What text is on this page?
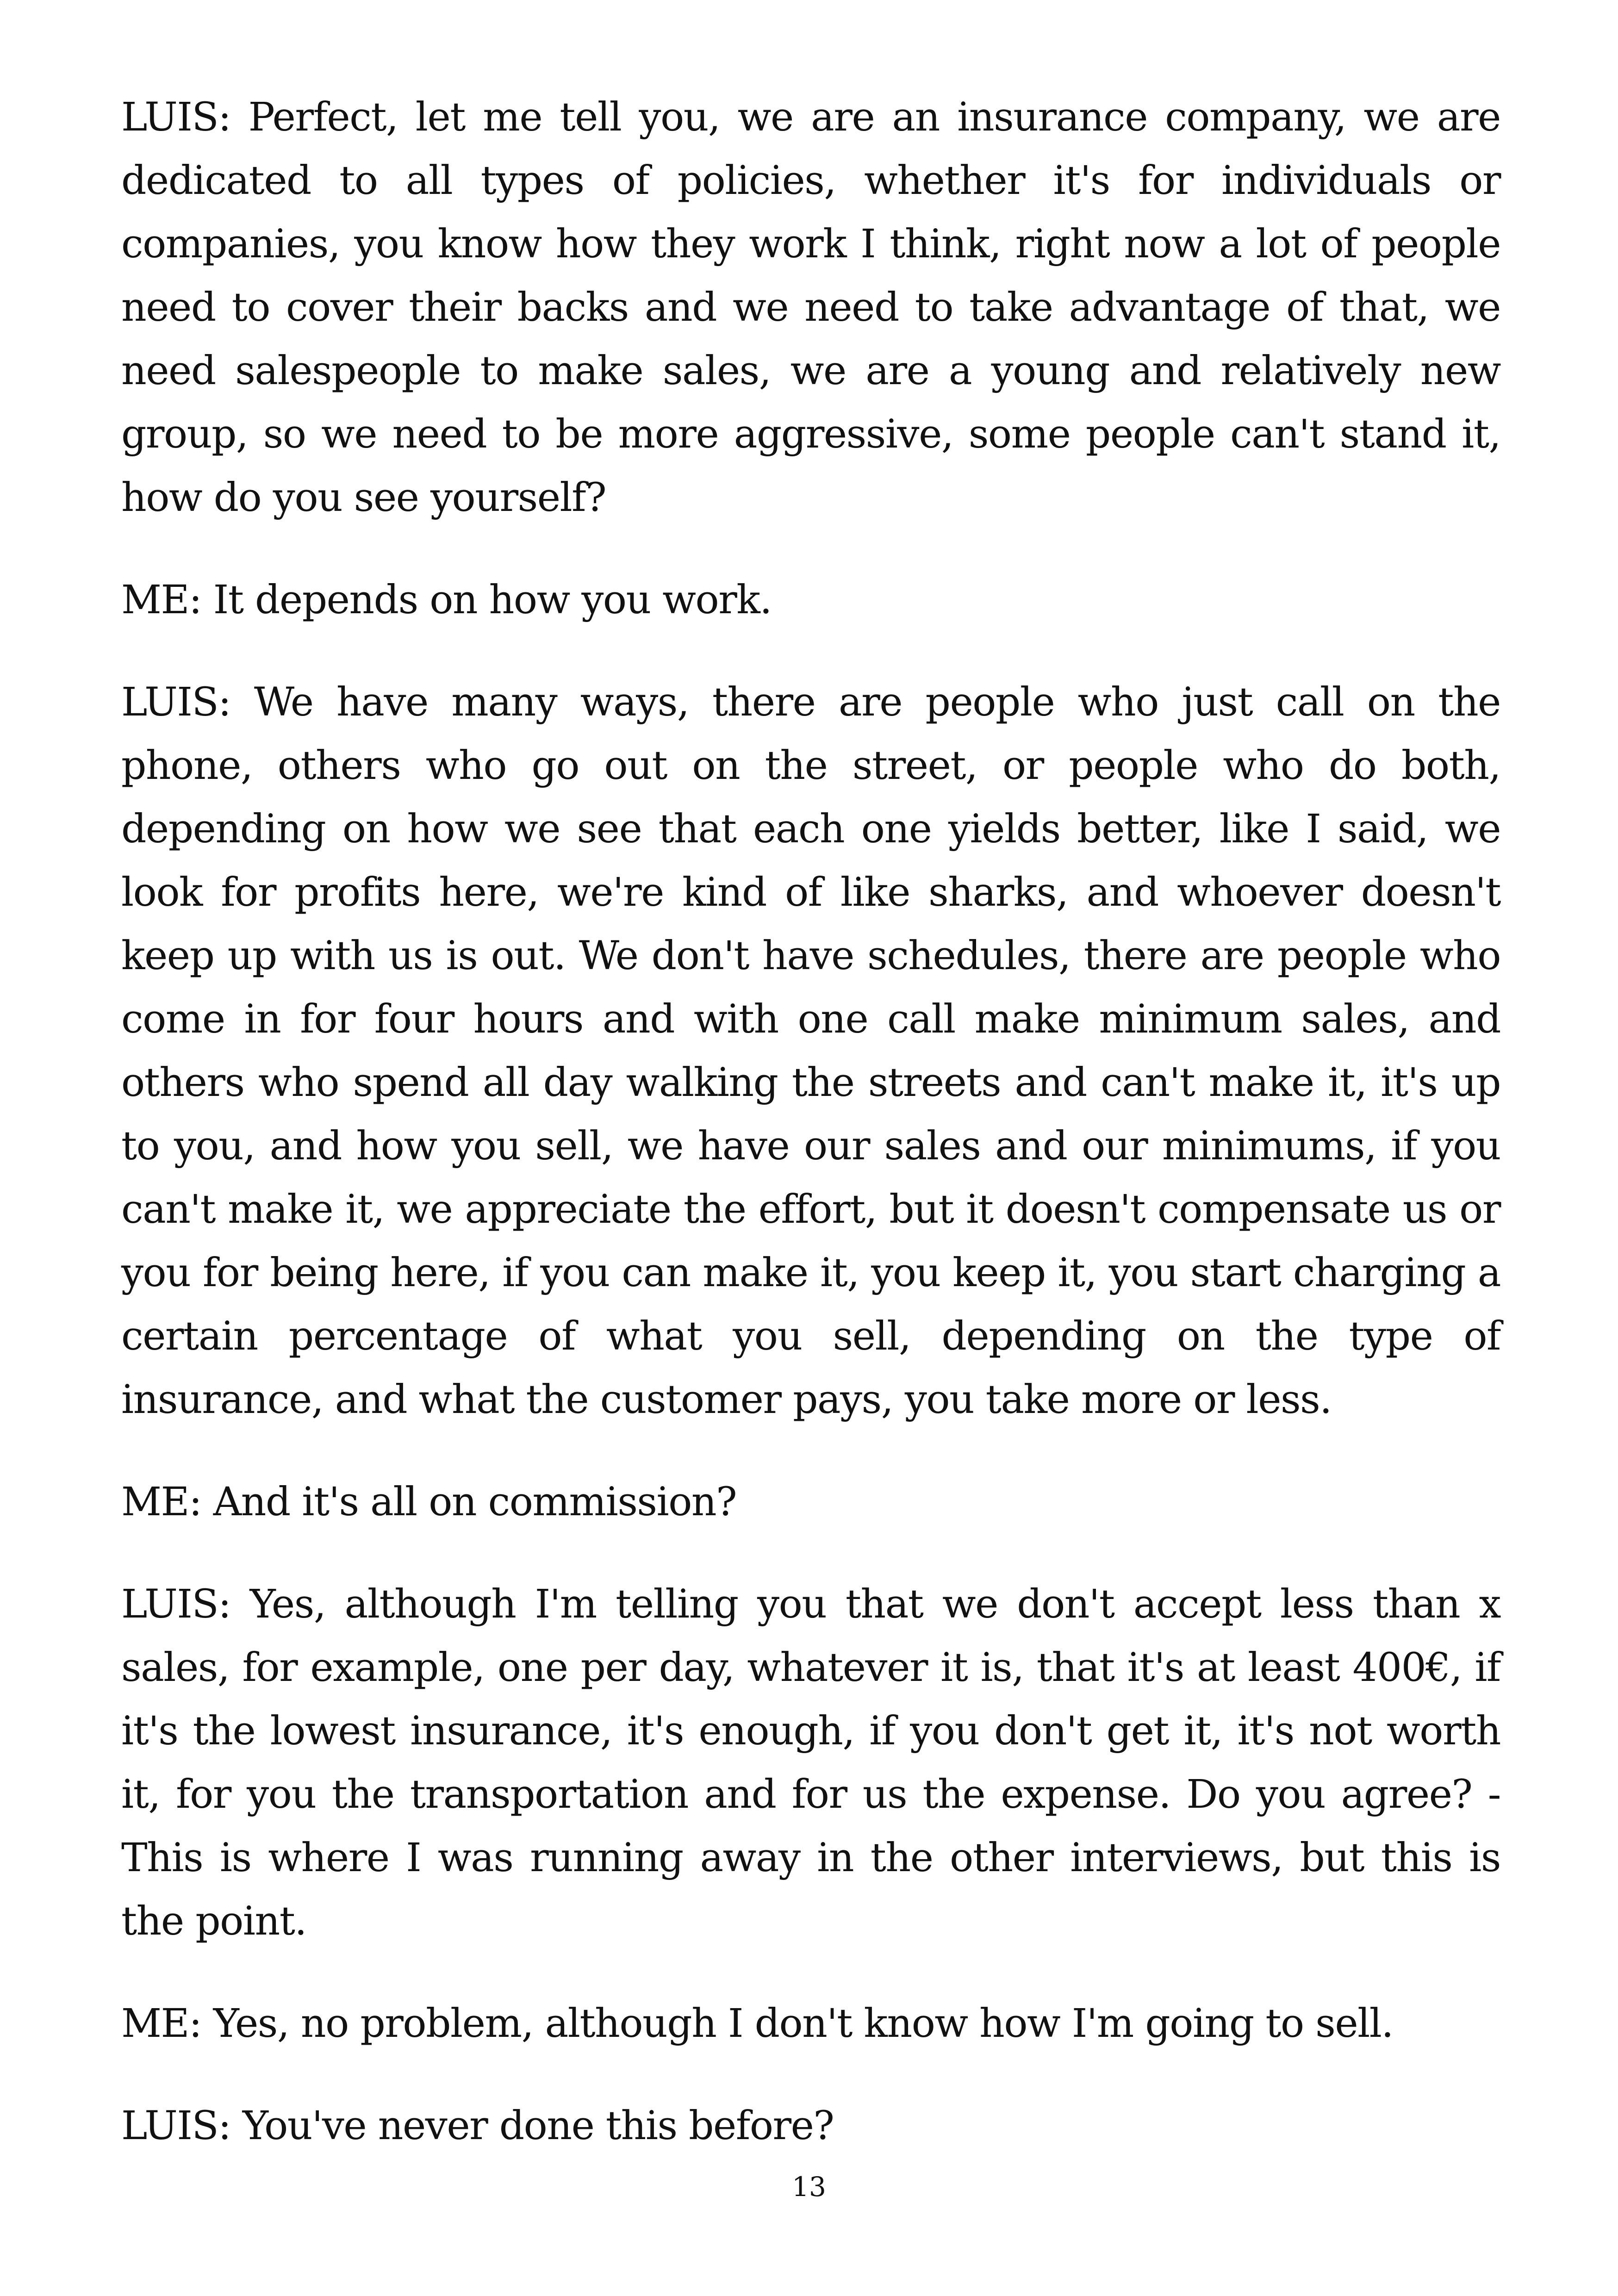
LUIS: Perfect, let me tell you, we are an insurance company, we are dedicated to all types of policies, whether it's for individuals or companies, you know how they work I think, right now a lot of people need to cover their backs and we need to take advantage of that, we need salespeople to make sales, we are a young and relatively new group, so we need to be more aggressive, some people can't stand it, how do you see yourself?

ME: It depends on how you work.

LUIS: We have many ways, there are people who just call on the phone, others who go out on the street, or people who do both, depending on how we see that each one yields better, like I said, we look for profits here, we're kind of like sharks, and whoever doesn't keep up with us is out. We don't have schedules, there are people who come in for four hours and with one call make minimum sales, and others who spend all day walking the streets and can't make it, it's up to you, and how you sell, we have our sales and our minimums, if you can't make it, we appreciate the effort, but it doesn't compensate us or you for being here, if you can make it, you keep it, you start charging a certain percentage of what you sell, depending on the type of insurance, and what the customer pays, you take more or less.

ME: And it's all on commission?

LUIS: Yes, although I'm telling you that we don't accept less than x sales, for example, one per day, whatever it is, that it's at least 400€, if it's the lowest insurance, it's enough, if you don't get it, it's not worth it, for you the transportation and for us the expense. Do you agree? - This is where I was running away in the other interviews, but this is the point.

ME: Yes, no problem, although I don't know how I'm going to sell.

LUIS: You've never done this before?

13
